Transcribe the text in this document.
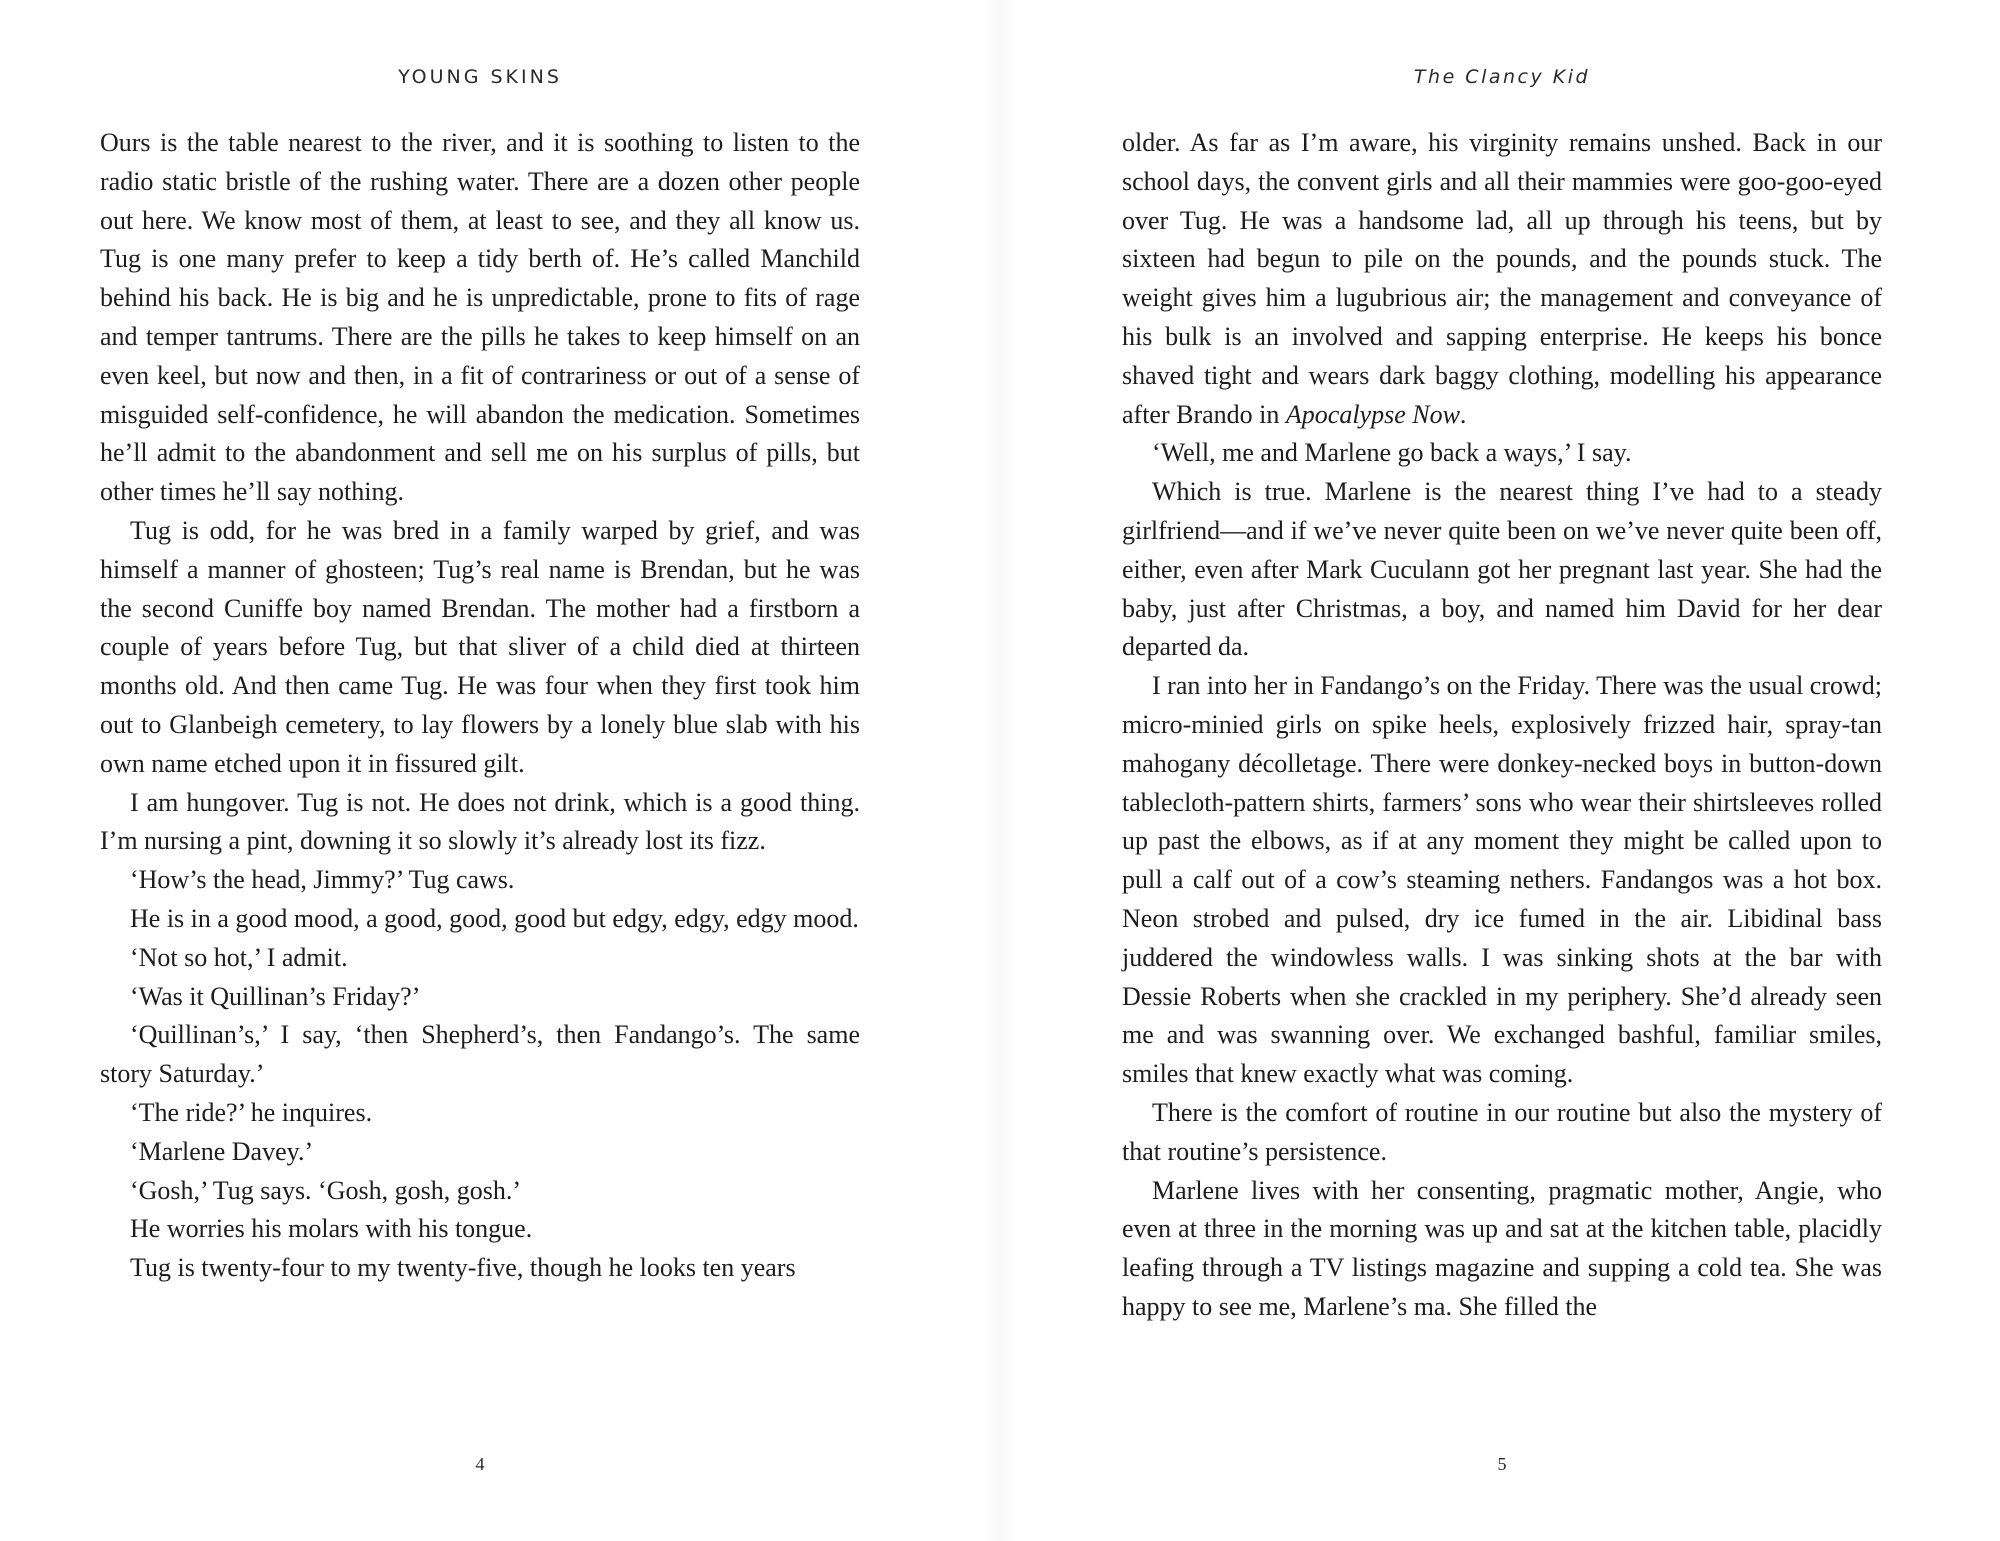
YOUNG SKINS

Ours is the table nearest to the river, and it is soothing to listen to the radio static bristle of the rushing water. There are a dozen other people out here. We know most of them, at least to see, and they all know us. Tug is one many prefer to keep a tidy berth of. He’s called Manchild behind his back. He is big and he is unpredictable, prone to fits of rage and temper tantrums. There are the pills he takes to keep himself on an even keel, but now and then, in a fit of contrariness or out of a sense of misguided self-confidence, he will abandon the medication. Sometimes he’ll admit to the abandonment and sell me on his surplus of pills, but other times he’ll say nothing.

Tug is odd, for he was bred in a family warped by grief, and was himself a manner of ghosteen; Tug’s real name is Brendan, but he was the second Cuniffe boy named Brendan. The mother had a firstborn a couple of years before Tug, but that sliver of a child died at thirteen months old. And then came Tug. He was four when they first took him out to Glanbeigh cemetery, to lay flowers by a lonely blue slab with his own name etched upon it in fissured gilt.

I am hungover. Tug is not. He does not drink, which is a good thing. I’m nursing a pint, downing it so slowly it’s already lost its fizz.

‘How’s the head, Jimmy?’ Tug caws.

He is in a good mood, a good, good, good but edgy, edgy, edgy mood.

‘Not so hot,’ I admit.

‘Was it Quillinan’s Friday?’

‘Quillinan’s,’ I say, ‘then Shepherd’s, then Fandango’s. The same story Saturday.’

‘The ride?’ he inquires.

‘Marlene Davey.’

‘Gosh,’ Tug says. ‘Gosh, gosh, gosh.’

He worries his molars with his tongue.

Tug is twenty-four to my twenty-five, though he looks ten years

4
The Clancy Kid

older. As far as I’m aware, his virginity remains unshed. Back in our school days, the convent girls and all their mammies were goo-goo-eyed over Tug. He was a handsome lad, all up through his teens, but by sixteen had begun to pile on the pounds, and the pounds stuck. The weight gives him a lugubrious air; the management and conveyance of his bulk is an involved and sapping enterprise. He keeps his bonce shaved tight and wears dark baggy clothing, modelling his appearance after Brando in Apocalypse Now.

‘Well, me and Marlene go back a ways,’ I say.

Which is true. Marlene is the nearest thing I’ve had to a steady girlfriend—and if we’ve never quite been on we’ve never quite been off, either, even after Mark Cuculann got her pregnant last year. She had the baby, just after Christmas, a boy, and named him David for her dear departed da.

I ran into her in Fandango’s on the Friday. There was the usual crowd; micro-minied girls on spike heels, explosively frizzed hair, spray-tan mahogany décolletage. There were donkey-necked boys in button-down tablecloth-pattern shirts, farmers’ sons who wear their shirtsleeves rolled up past the elbows, as if at any moment they might be called upon to pull a calf out of a cow’s steaming nethers. Fandangos was a hot box. Neon strobed and pulsed, dry ice fumed in the air. Libidinal bass juddered the windowless walls. I was sinking shots at the bar with Dessie Roberts when she crackled in my periphery. She’d already seen me and was swanning over. We exchanged bashful, familiar smiles, smiles that knew exactly what was coming.

There is the comfort of routine in our routine but also the mystery of that routine’s persistence.

Marlene lives with her consenting, pragmatic mother, Angie, who even at three in the morning was up and sat at the kitchen table, placidly leafing through a TV listings magazine and supping a cold tea. She was happy to see me, Marlene’s ma. She filled the

5
